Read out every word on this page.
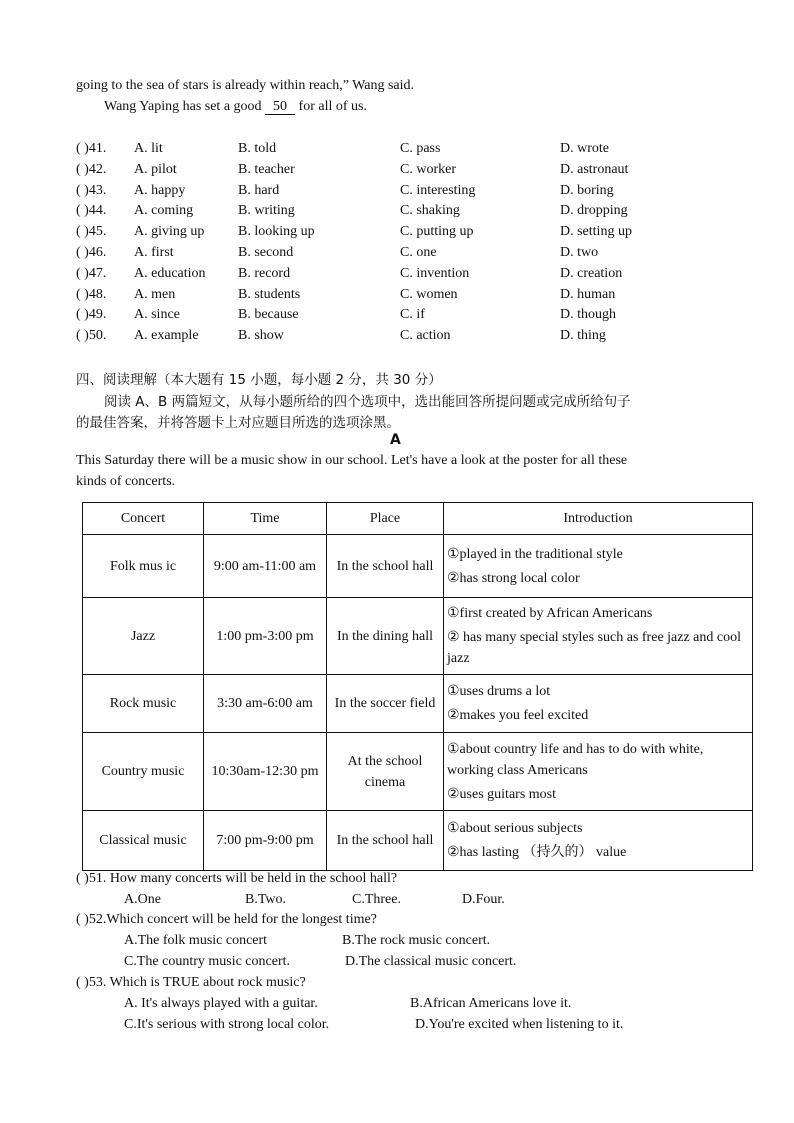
going to the sea of stars is already within reach,” Wang said.
Wang Yaping has set a good 50 for all of us.
( )41. A. lit	B. told	C. pass	D. wrote
( )42. A. pilot	B. teacher	C. worker	D. astronaut
( )43. A. happy	B. hard	C. interesting	D. boring
( )44. A. coming	B. writing	C. shaking	D. dropping
( )45. A. giving up B. looking up	C. putting up	D. setting up
( )46. A. first	B. second	C. one	D. two
( )47. A. education B. record	C. invention	D. creation
( )48. A. men	B. students	C. women	D. human
( )49. A. since	B. because	C. if	D. though
( )50. A. example	B. show	C. action	D. thing
四、阅读理解（本大题有 15 小题，每小题 2 分，共 30 分）
阅读 A、B 两篇短文，从每小题所给的四个选项中，选出能回答所提问题或完成所给句子
的最佳答案，并将答题卡上对应题目所选的选项涂黑。
A
This Saturday there will be a music show in our school. Let's have a look at the poster for all these
kinds of concerts.
Concert	Time	Place	Introduction
Folk mus ic	9:00 am-11:00 am	In the school hall	①played in the traditional style
②has strong local color

Jazz	1:00 pm-3:00 pm	In the dining hall	①first created by African Americans
② has many special styles such as free jazz and cool jazz

Rock music	3:30 am-6:00 am	In the soccer field	①uses drums a lot
②makes you feel excited

Country music	10:30am-12:30 pm	At the school cinema	①about country life and has to do with white, working class Americans
②uses guitars most

Classical music	7:00 pm-9:00 pm	In the school hall	①about serious subjects
②has lasting （持久的） value
( )51. How many concerts will be held in the school hall?
A.One	B.Two.	C.Three.	D.Four.
( )52.Which concert will be held for the longest time?
A.The folk music concert	B.The rock music concert.
C.The country music concert.	D.The classical music concert.
( )53. Which is TRUE about rock music?
A. It's always played with a guitar.	B.African Americans love it.
C.It's serious with strong local color.	D.You're excited when listening to it.
